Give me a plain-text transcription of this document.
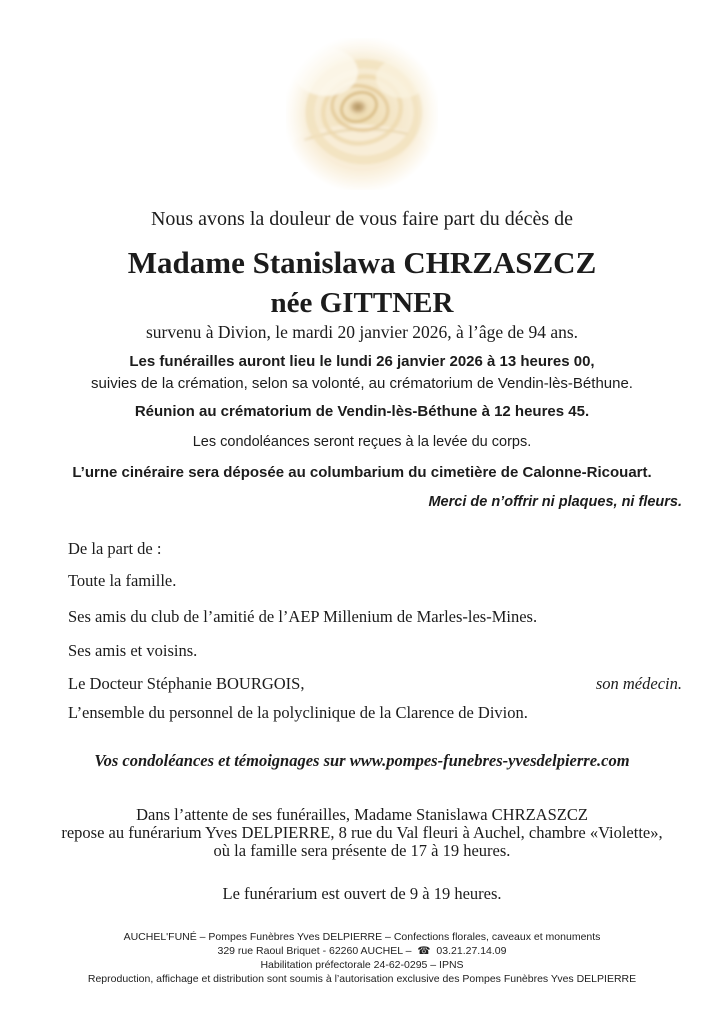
Nous avons la douleur de vous faire part du décès de
Madame Stanislawa CHRZASZCZ
née GITTNER
survenu à Divion, le mardi 20 janvier 2026, à l’âge de 94 ans.
Les funérailles auront lieu le lundi 26 janvier 2026 à 13 heures 00,
suivies de la crémation, selon sa volonté, au crématorium de Vendin-lès-Béthune.
Réunion au crématorium de Vendin-lès-Béthune à 12 heures 45.
Les condoléances seront reçues à la levée du corps.
L’urne cinéraire sera déposée au columbarium du cimetière de Calonne-Ricouart.
Merci de n’offrir ni plaques, ni fleurs.
De la part de :
Toute la famille.
Ses amis du club de l’amitié de l’AEP Millenium de Marles-les-Mines.
Ses amis et voisins.
Le Docteur Stéphanie BOURGOIS,	son médecin.
L’ensemble du personnel de la polyclinique de la Clarence de Divion.
Vos condoléances et témoignages sur www.pompes-funebres-yvesdelpierre.com
Dans l’attente de ses funérailles, Madame Stanislawa CHRZASZCZ
repose au funérarium Yves DELPIERRE, 8 rue du Val fleuri à Auchel, chambre «Violette»,
où la famille sera présente de 17 à 19 heures.
Le funérarium est ouvert de 9 à 19 heures.
AUCHEL'FUNÉ – Pompes Funèbres Yves DELPIERRE – Confections florales, caveaux et monuments
329 rue Raoul Briquet - 62260 AUCHEL – ☎ 03.21.27.14.09
Habilitation préfectorale 24-62-0295 – IPNS
Reproduction, affichage et distribution sont soumis à l’autorisation exclusive des Pompes Funèbres Yves DELPIERRE
